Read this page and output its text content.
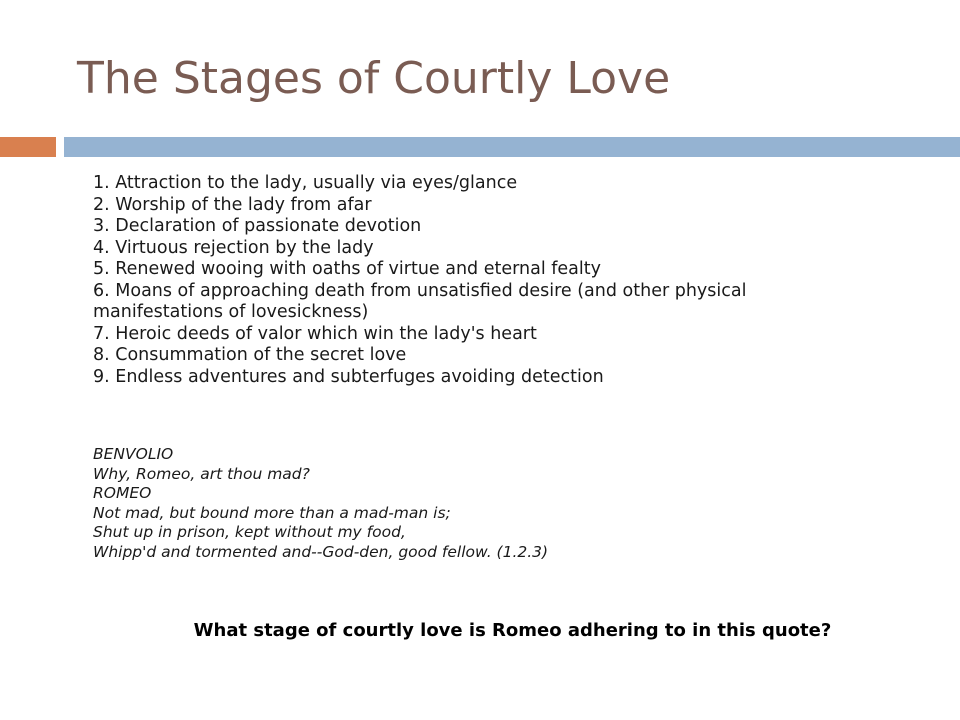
The Stages of Courtly Love
1. Attraction to the lady, usually via eyes/glance
2. Worship of the lady from afar
3. Declaration of passionate devotion
4. Virtuous rejection by the lady
5. Renewed wooing with oaths of virtue and eternal fealty
6. Moans of approaching death from unsatisfied desire (and other physical manifestations of lovesickness)
7. Heroic deeds of valor which win the lady's heart
8. Consummation of the secret love
9. Endless adventures and subterfuges avoiding detection
BENVOLIO
Why, Romeo, art thou mad?
ROMEO
Not mad, but bound more than a mad-man is;
Shut up in prison, kept without my food,
Whipp'd and tormented and--God-den, good fellow. (1.2.3)
What stage of courtly love is Romeo adhering to in this quote?
